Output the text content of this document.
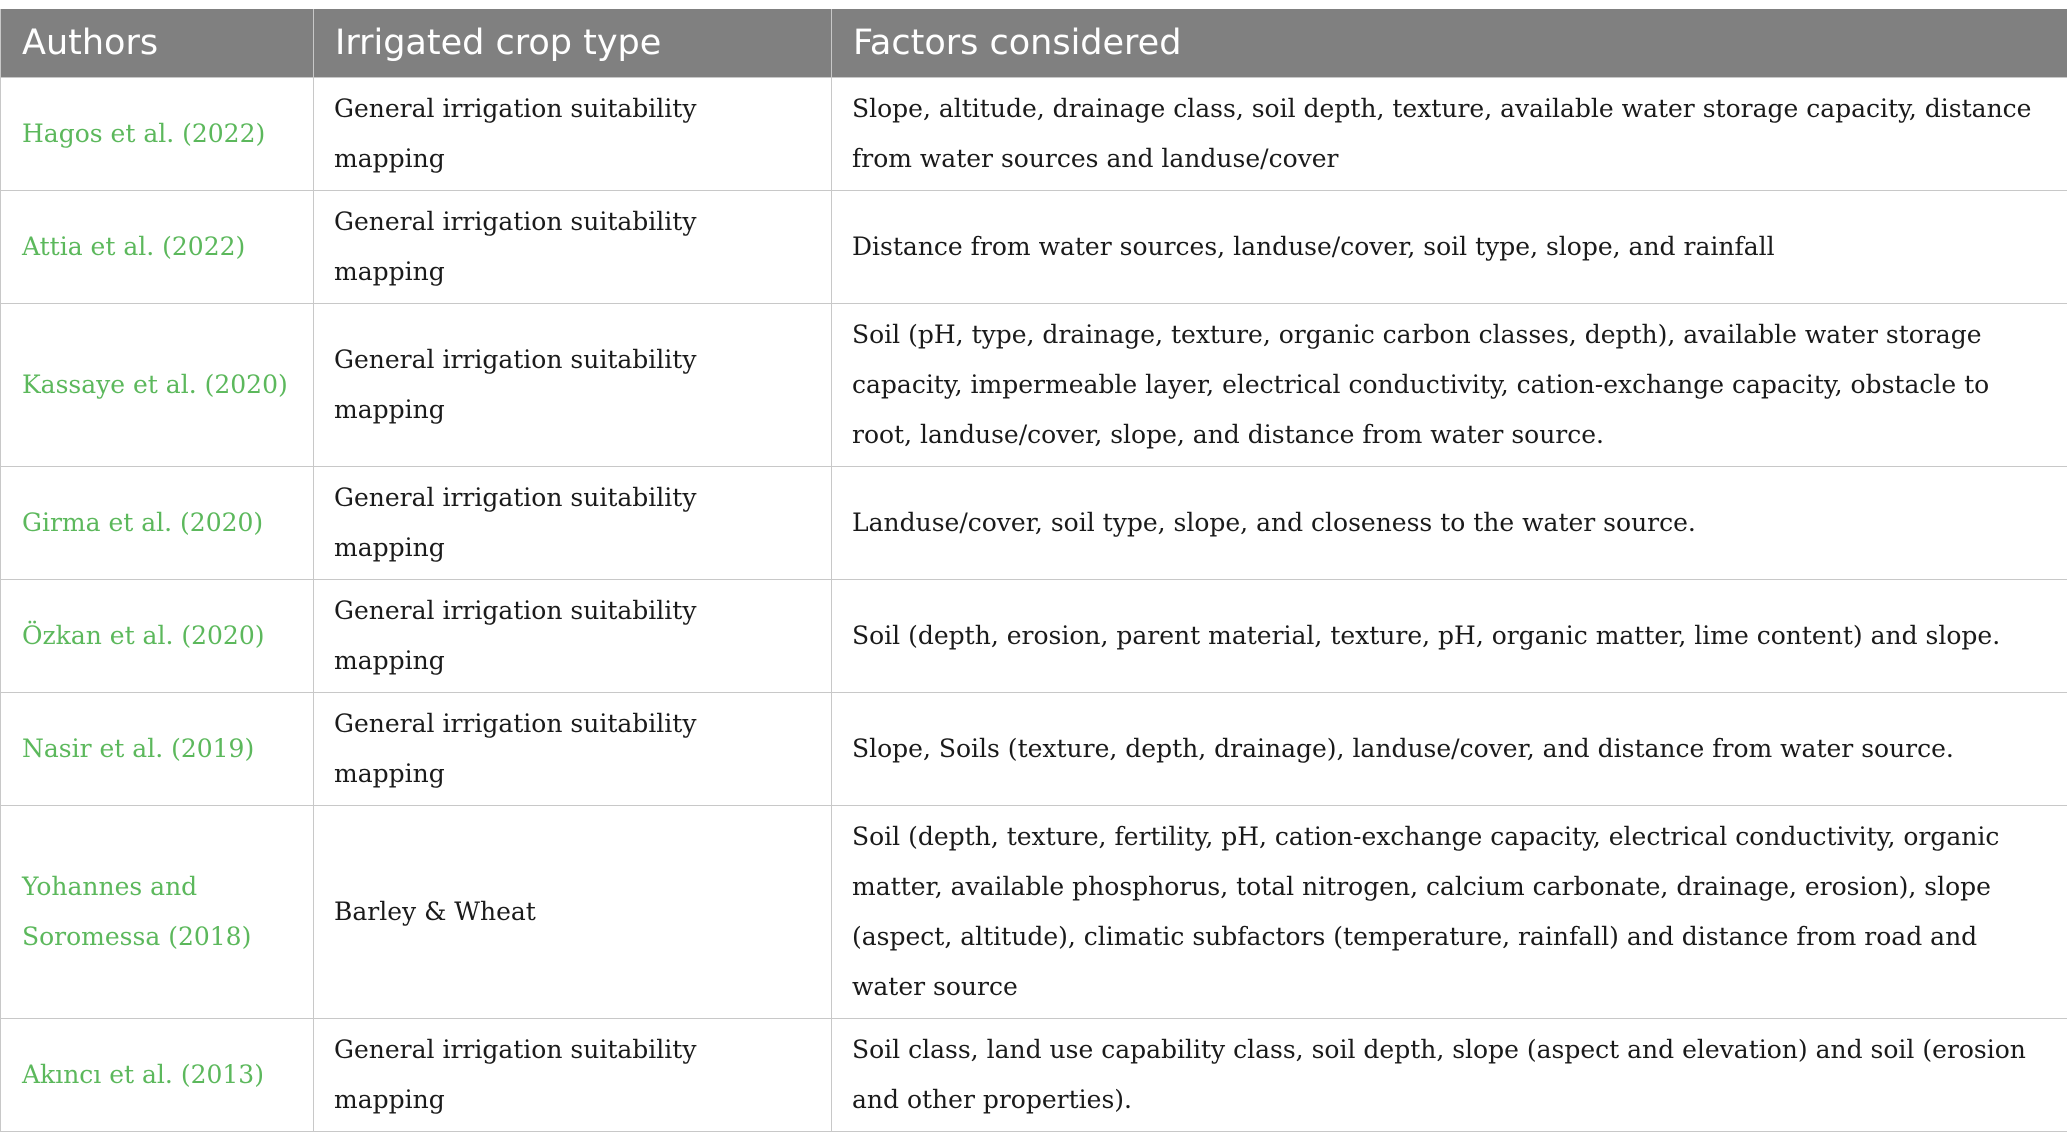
Authors	Irrigated crop type	Factors considered
Hagos et al. (2022)	General irrigation suitability mapping	Slope, altitude, drainage class, soil depth, texture, available water storage capacity, distance from water sources and landuse/cover
Attia et al. (2022)	General irrigation suitability mapping	Distance from water sources, landuse/cover, soil type, slope, and rainfall
Kassaye et al. (2020)	General irrigation suitability mapping	Soil (pH, type, drainage, texture, organic carbon classes, depth), available water storage capacity, impermeable layer, electrical conductivity, cation-exchange capacity, obstacle to root, landuse/cover, slope, and distance from water source.
Girma et al. (2020)	General irrigation suitability mapping	Landuse/cover, soil type, slope, and closeness to the water source.
Özkan et al. (2020)	General irrigation suitability mapping	Soil (depth, erosion, parent material, texture, pH, organic matter, lime content) and slope.
Nasir et al. (2019)	General irrigation suitability mapping	Slope, Soils (texture, depth, drainage), landuse/cover, and distance from water source.
Yohannes and Soromessa (2018)	Barley & Wheat	Soil (depth, texture, fertility, pH, cation-exchange capacity, electrical conductivity, organic matter, available phosphorus, total nitrogen, calcium carbonate, drainage, erosion), slope (aspect, altitude), climatic subfactors (temperature, rainfall) and distance from road and water source
Akıncı et al. (2013)	General irrigation suitability mapping	Soil class, land use capability class, soil depth, slope (aspect and elevation) and soil (erosion and other properties).
